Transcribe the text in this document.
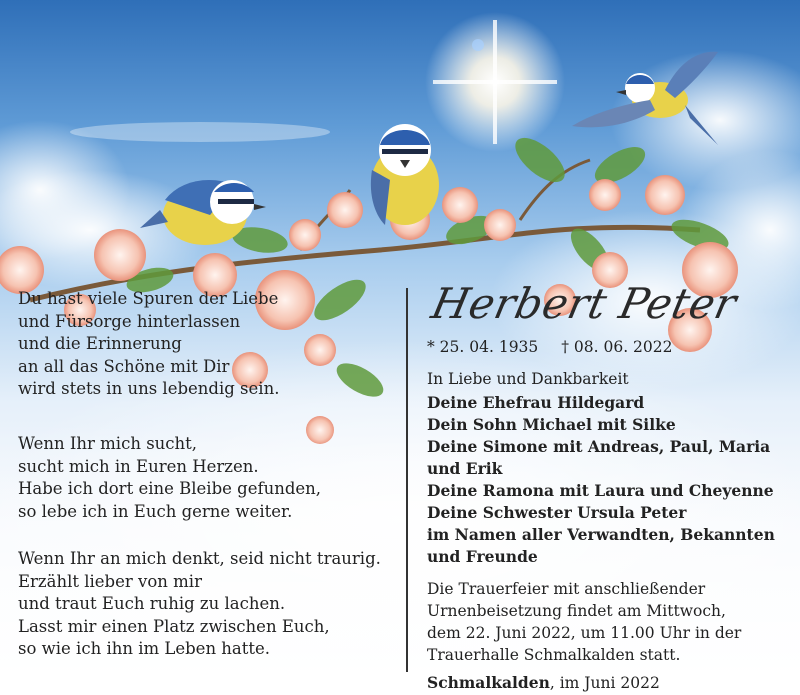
Du hast viele Spuren der Liebe
und Fürsorge hinterlassen
und die Erinnerung
an all das Schöne mit Dir
wird stets in uns lebendig sein.
Wenn Ihr mich sucht,
sucht mich in Euren Herzen.
Habe ich dort eine Bleibe gefunden,
so lebe ich in Euch gerne weiter.
Wenn Ihr an mich denkt, seid nicht traurig.
Erzählt lieber von mir
und traut Euch ruhig zu lachen.
Lasst mir einen Platz zwischen Euch,
so wie ich ihn im Leben hatte.
Herbert Peter
* 25. 04. 1935 † 08. 06. 2022
In Liebe und Dankbarkeit
Deine Ehefrau Hildegard
Dein Sohn Michael mit Silke
Deine Simone mit Andreas, Paul, Maria
und Erik
Deine Ramona mit Laura und Cheyenne
Deine Schwester Ursula Peter
im Namen aller Verwandten, Bekannten
und Freunde
Die Trauerfeier mit anschließender
Urnenbeisetzung findet am Mittwoch,
dem 22. Juni 2022, um 11.00 Uhr in der
Trauerhalle Schmalkalden statt.
Schmalkalden, im Juni 2022
